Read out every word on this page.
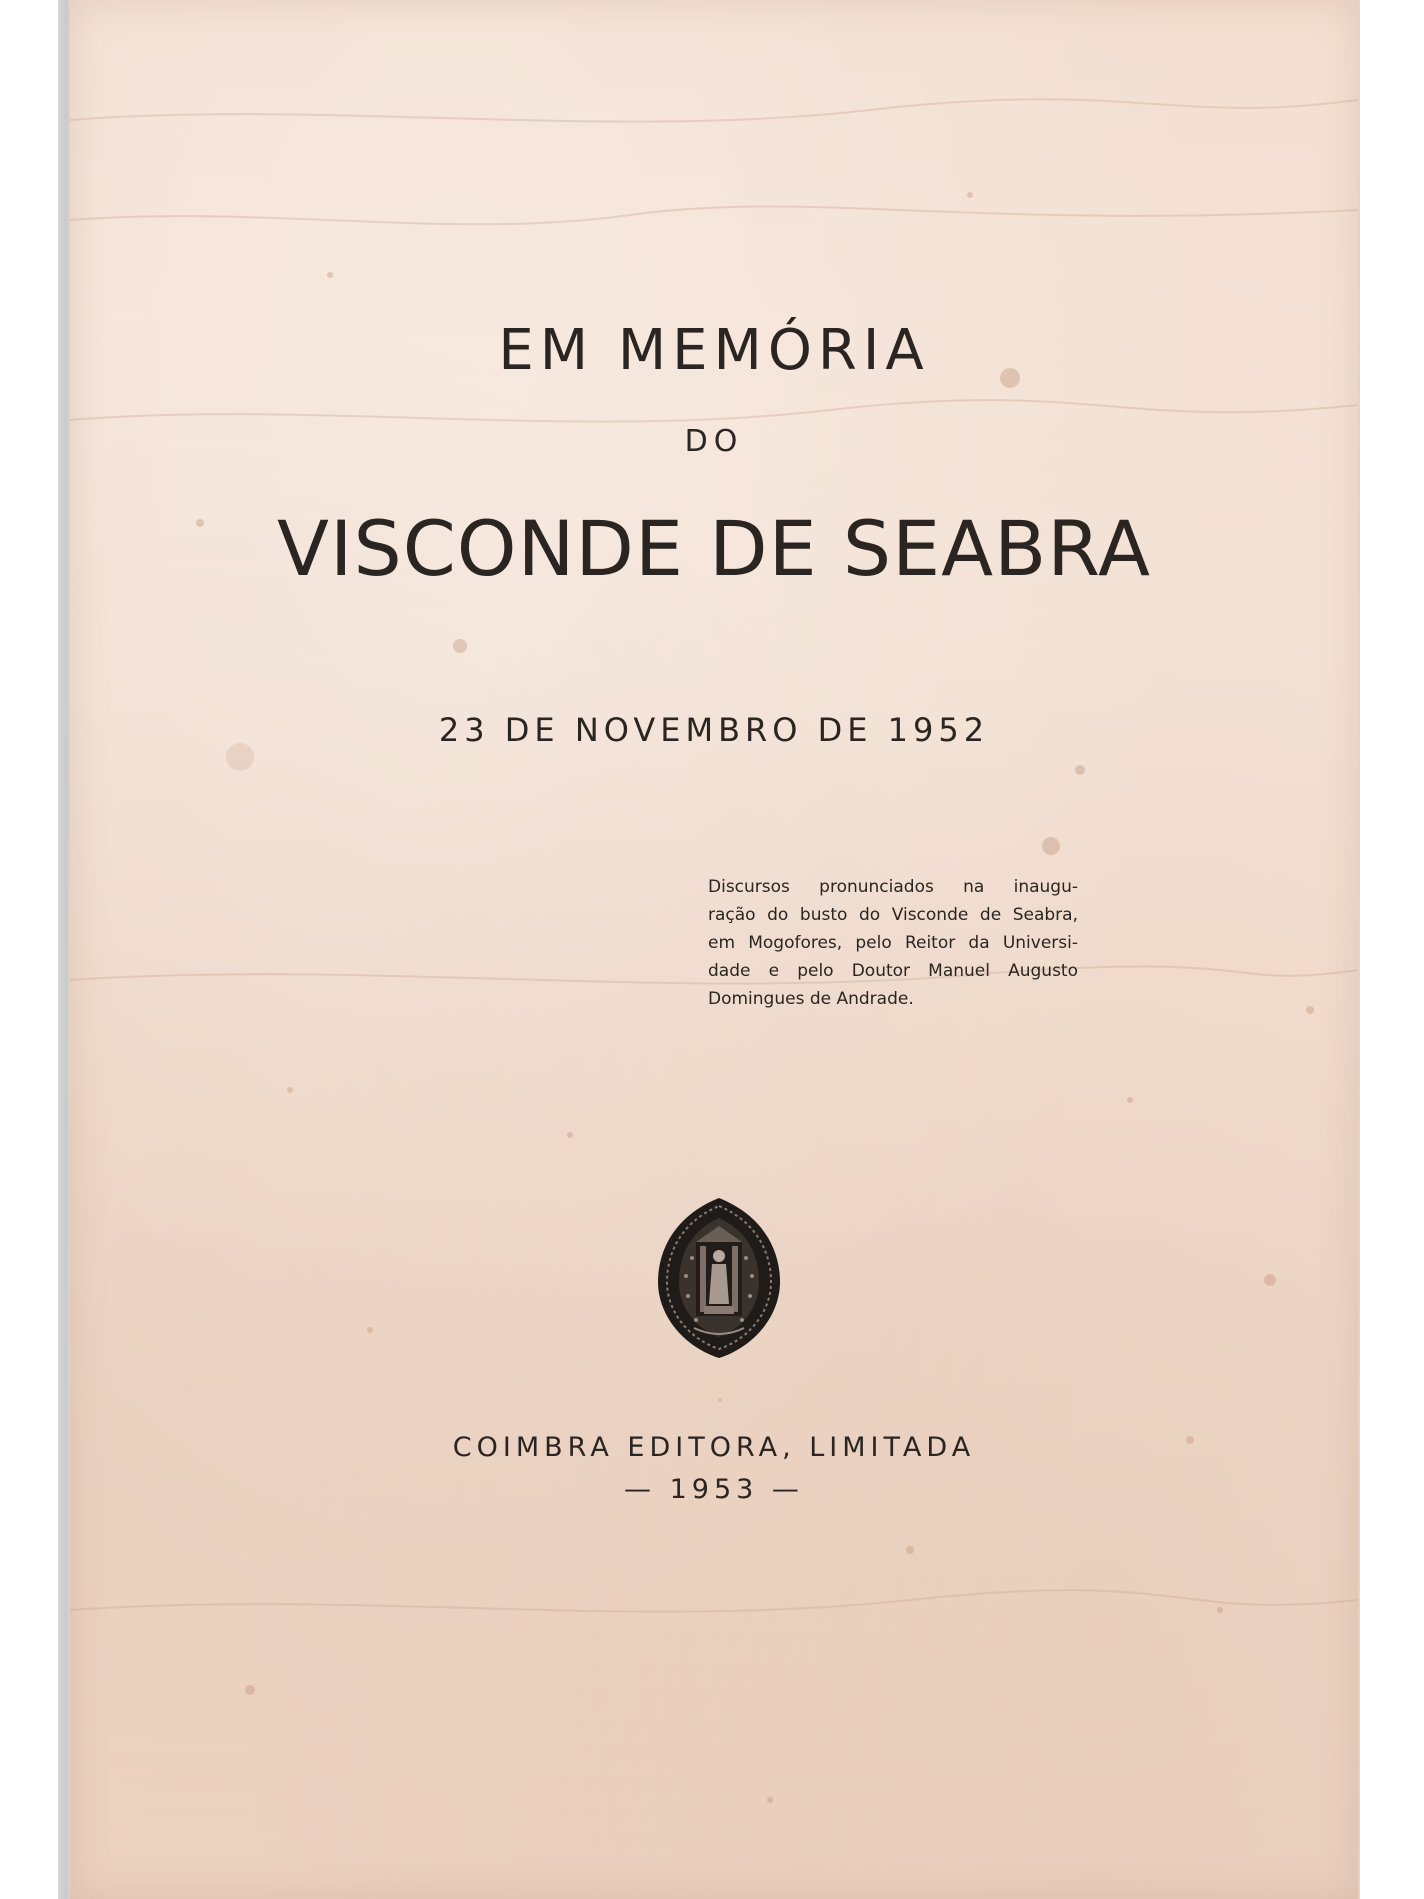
EM MEMÓRIA
DO
VISCONDE DE SEABRA
23 DE NOVEMBRO DE 1952
Discursos pronunciados na inaugu-
ração do busto do Visconde de Seabra,
em Mogofores, pelo Reitor da Universi-
dade e pelo Doutor Manuel Augusto
Domingues de Andrade.
COIMBRA EDITORA, LIMITADA
— 1953 —
